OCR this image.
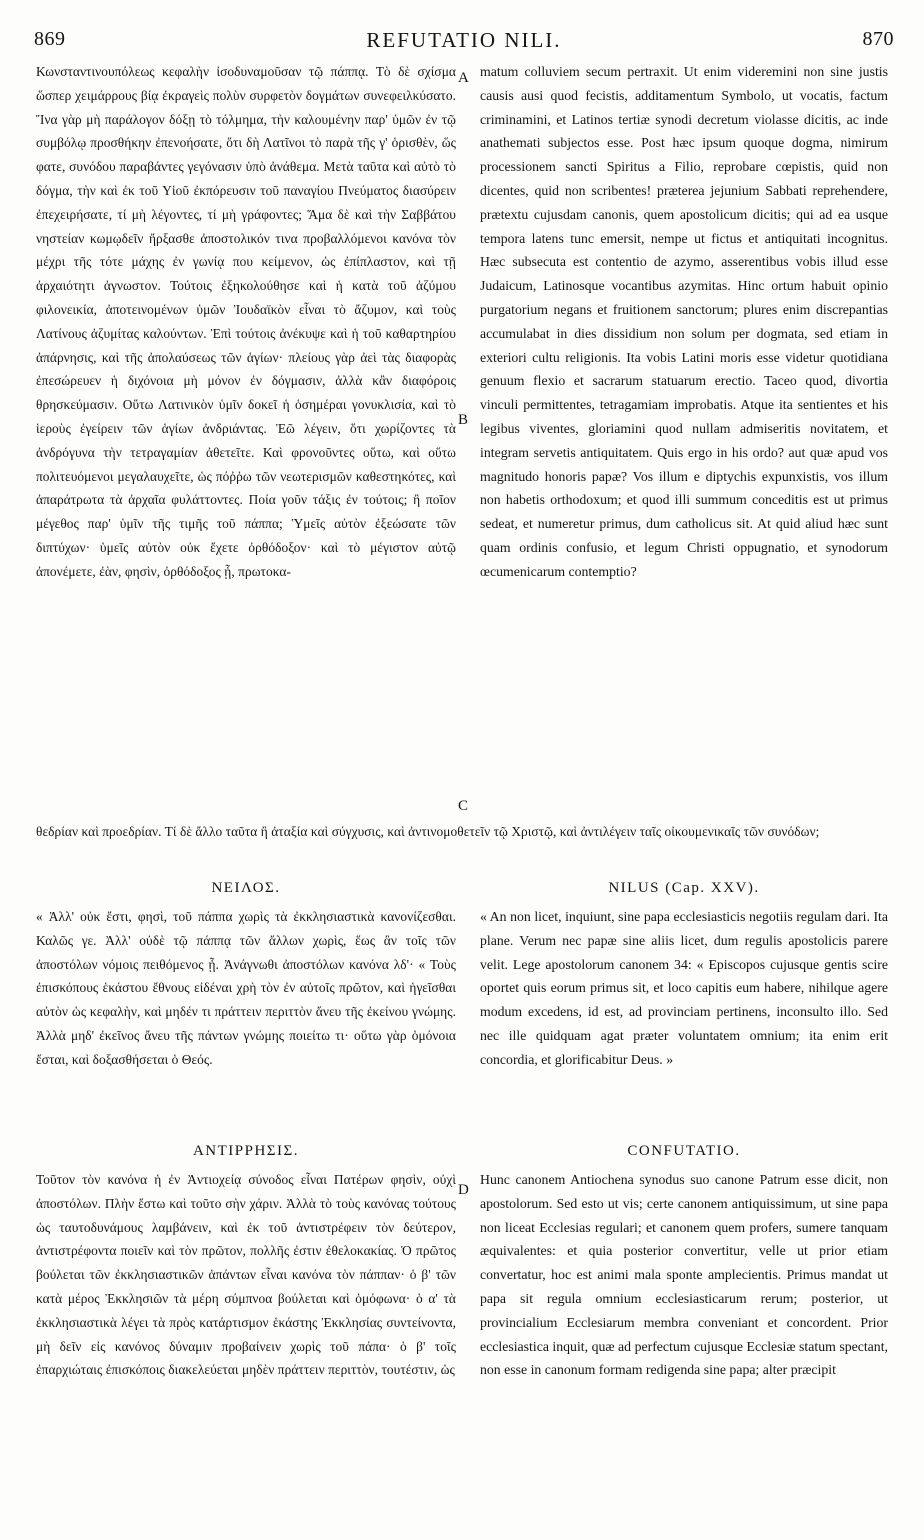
869	REFUTATIO NILI.	870

Κωνσταντινουπόλεως κεφαλὴν ἰσοδυναμοῦσαν τῷ πάππᾳ. Τὸ δὲ σχίσμα ὥσπερ χειμάρρους βίᾳ ἐκραγεὶς πολὺν συρφετὸν δογμάτων συνεφειλκύσατο. Ἵνα γὰρ μὴ παράλογον δόξῃ τὸ τόλμημα, τὴν καλουμένην παρ' ὑμῶν ἐν τῷ συμβόλῳ προσθήκην ἐπενοήσατε, ὅτι δὴ Λατῖνοι τὸ παρὰ τῆς γ' ὁρισθὲν, ὥς φατε, συνόδου παραβάντες γεγόνασιν ὑπὸ ἀνάθεμα. Μετὰ ταῦτα καὶ αὐτὸ τὸ δόγμα, τὴν καὶ ἐκ τοῦ Υἱοῦ ἐκπόρευσιν τοῦ παναγίου Πνεύματος διασύρειν ἐπεχειρήσατε, τί μὴ λέγοντες, τί μὴ γράφοντες; Ἅμα δὲ καὶ τὴν Σαββάτου νηστείαν κωμῳδεῖν ἤρξασθε ἀποστολικόν τινα προβαλλόμενοι κανόνα τὸν μέχρι τῆς τότε μάχης ἐν γωνίᾳ που κείμενον, ὡς ἐπίπλαστον, καὶ τῇ ἀρχαιότητι ἀγνωστον. Τούτοις ἐξηκολούθησε καὶ ἡ κατὰ τοῦ ἀζύμου φιλονεικία, ἀποτεινομένων ὑμῶν Ἰουδαϊκὸν εἶναι τὸ ἄζυμον, καὶ τοὺς Λατίνους ἀζυμίτας καλούντων. Ἐπὶ τούτοις ἀνέκυψε καὶ ἡ τοῦ καθαρτηρίου ἀπάρνησις, καὶ τῆς ἀπολαύσεως τῶν ἁγίων· πλείους γὰρ ἀεὶ τὰς διαφορὰς ἐπεσώρευεν ἡ διχόνοια μὴ μόνον ἐν δόγμασιν, ἀλλὰ κἂν διαφόροις θρησκεύμασιν. Οὕτω Λατινικὸν ὑμῖν δοκεῖ ἡ ὁσημέραι γονυκλισία, καὶ τὸ ἱεροὺς ἐγείρειν τῶν ἁγίων ἀνδριάντας. Ἐῶ λέγειν, ὅτι χωρίζοντες τὰ ἀνδρόγυνα τὴν τετραγαμίαν ἀθετεῖτε. Καὶ φρονοῦντες οὕτω, καὶ οὕτω πολιτευόμενοι μεγαλαυχεῖτε, ὡς πόῤῥω τῶν νεωτερισμῶν καθεστηκότες, καὶ ἀπαράτρωτα τὰ ἀρχαῖα φυλάττοντες. Ποία γοῦν τάξις ἐν τούτοις; ἢ ποῖον μέγεθος παρ' ὑμῖν τῆς τιμῆς τοῦ πάππα; Ὑμεῖς αὐτὸν ἐξεώσατε τῶν διπτύχων· ὑμεῖς αὐτὸν οὐκ ἔχετε ὀρθόδοξον· καὶ τὸ μέγιστον αὐτῷ ἀπονέμετε, ἐὰν, φησὶν, ὀρθόδοξος ᾖ, πρωτοκα-

matum colluviem secum pertraxit. Ut enim videremini non sine justis causis ausi quod fecistis, additamentum Symbolo, ut vocatis, factum criminamini, et Latinos tertiæ synodi decretum violasse dicitis, ac inde anathemati subjectos esse. Post hæc ipsum quoque dogma, nimirum processionem sancti Spiritus a Filio, reprobare cœpistis, quid non dicentes, quid non scribentes! præterea jejunium Sabbati reprehendere, prætextu cujusdam canonis, quem apostolicum dicitis; qui ad ea usque tempora latens tunc emersit, nempe ut fictus et antiquitati incognitus. Hæc subsecuta est contentio de azymo, asserentibus vobis illud esse Judaicum, Latinosque vocantibus azymitas. Hinc ortum habuit opinio purgatorium negans et fruitionem sanctorum; plures enim discrepantias accumulabat in dies dissidium non solum per dogmata, sed etiam in exteriori cultu religionis. Ita vobis Latini moris esse videtur quotidiana genuum flexio et sacrarum statuarum erectio. Taceo quod, divortia vinculi permittentes, tetragamiam improbatis. Atque ita sentientes et his legibus viventes, gloriamini quod nullam admiseritis novitatem, et integram servetis antiquitatem. Quis ergo in his ordo? aut quæ apud vos magnitudo honoris papæ? Vos illum e diptychis expunxistis, vos illum non habetis orthodoxum; et quod illi summum conceditis est ut primus sedeat, et numeretur primus, dum catholicus sit. At quid aliud hæc sunt quam ordinis confusio, et legum Christi oppugnatio, et synodorum œcumenicarum contemptio?

θεδρίαν καὶ προεδρίαν. Τί δὲ ἄλλο ταῦτα ἢ ἀταξία καὶ σύγχυσις, καὶ ἀντινομοθετεῖν τῷ Χριστῷ, καὶ ἀντιλέγειν ταῖς οἰκουμενικαῖς τῶν συνόδων;

A
B
C
D
ΝΕΙΛΟΣ.	NILUS (Cap. XXV).

« Ἀλλ' οὐκ ἔστι, φησὶ, τοῦ πάππα χωρὶς τὰ ἐκκλησιαστικὰ κανονίζεσθαι. Καλῶς γε. Ἀλλ' οὐδὲ τῷ πάππᾳ τῶν ἄλλων χωρὶς, ἕως ἂν τοῖς τῶν ἀποστόλων νόμοις πειθόμενος ᾖ. Ἀνάγνωθι ἀποστόλων κανόνα λδ'· « Τοὺς ἐπισκόπους ἑκάστου ἔθνους εἰδέναι χρὴ τὸν ἐν αὐτοῖς πρῶτον, καὶ ἡγεῖσθαι αὐτὸν ὡς κεφαλὴν, καὶ μηδέν τι πράττειν περιττὸν ἄνευ τῆς ἐκείνου γνώμης. Ἀλλὰ μηδ' ἐκεῖνος ἄνευ τῆς πάντων γνώμης ποιείτω τι· οὕτω γὰρ ὁμόνοια ἔσται, καὶ δοξασθήσεται ὁ Θεός.

« An non licet, inquiunt, sine papa ecclesiasticis negotiis regulam dari. Ita plane. Verum nec papæ sine aliis licet, dum regulis apostolicis parere velit. Lege apostolorum canonem 34: « Episcopos cujusque gentis scire oportet quis eorum primus sit, et loco capitis eum habere, nihilque agere modum excedens, id est, ad provinciam pertinens, inconsulto illo. Sed nec ille quidquam agat præter voluntatem omnium; ita enim erit concordia, et glorificabitur Deus. »

ΑΝΤΙΡΡΗΣΙΣ.	CONFUTATIO.

Τοῦτον τὸν κανόνα ἡ ἐν Ἀντιοχείᾳ σύνοδος εἶναι Πατέρων φησὶν, οὐχὶ ἀποστόλων. Πλὴν ἔστω καὶ τοῦτο σὴν χάριν. Ἀλλὰ τὸ τοὺς κανόνας τούτους ὡς ταυτοδυνάμους λαμβάνειν, καὶ ἐκ τοῦ ἀντιστρέφειν τὸν δεύτερον, ἀντιστρέφοντα ποιεῖν καὶ τὸν πρῶτον, πολλῆς ἐστιν ἐθελοκακίας. Ὁ πρῶτος βούλεται τῶν ἐκκλησιαστικῶν ἁπάντων εἶναι κανόνα τὸν πάππαν· ὁ β' τῶν κατὰ μέρος Ἐκκλησιῶν τὰ μέρη σύμπνοα βούλεται καὶ ὁμόφωνα· ὁ α' τὰ ἐκκλησιαστικὰ λέγει τὰ πρὸς κατάρτισμον ἑκάστης Ἐκκλησίας συντείνοντα, μὴ δεῖν εἰς κανόνος δύναμιν προβαίνειν χωρὶς τοῦ πάπα· ὁ β' τοῖς ἐπαρχιώταις ἐπισκόποις διακελεύεται μηδὲν πράττειν περιττὸν, τουτέστιν, ὡς

Hunc canonem Antiochena synodus suo canone Patrum esse dicit, non apostolorum. Sed esto ut vis; certe canonem antiquissimum, ut sine papa non liceat Ecclesias regulari; et canonem quem profers, sumere tanquam æquivalentes: et quia posterior convertitur, velle ut prior etiam convertatur, hoc est animi mala sponte amplecientis. Primus mandat ut papa sit regula omnium ecclesiasticarum rerum; posterior, ut provincialium Ecclesiarum membra conveniant et concordent. Prior ecclesiastica inquit, quæ ad perfectum cujusque Ecclesiæ statum spectant, non esse in canonum formam redigenda sine papa; alter præcipit
